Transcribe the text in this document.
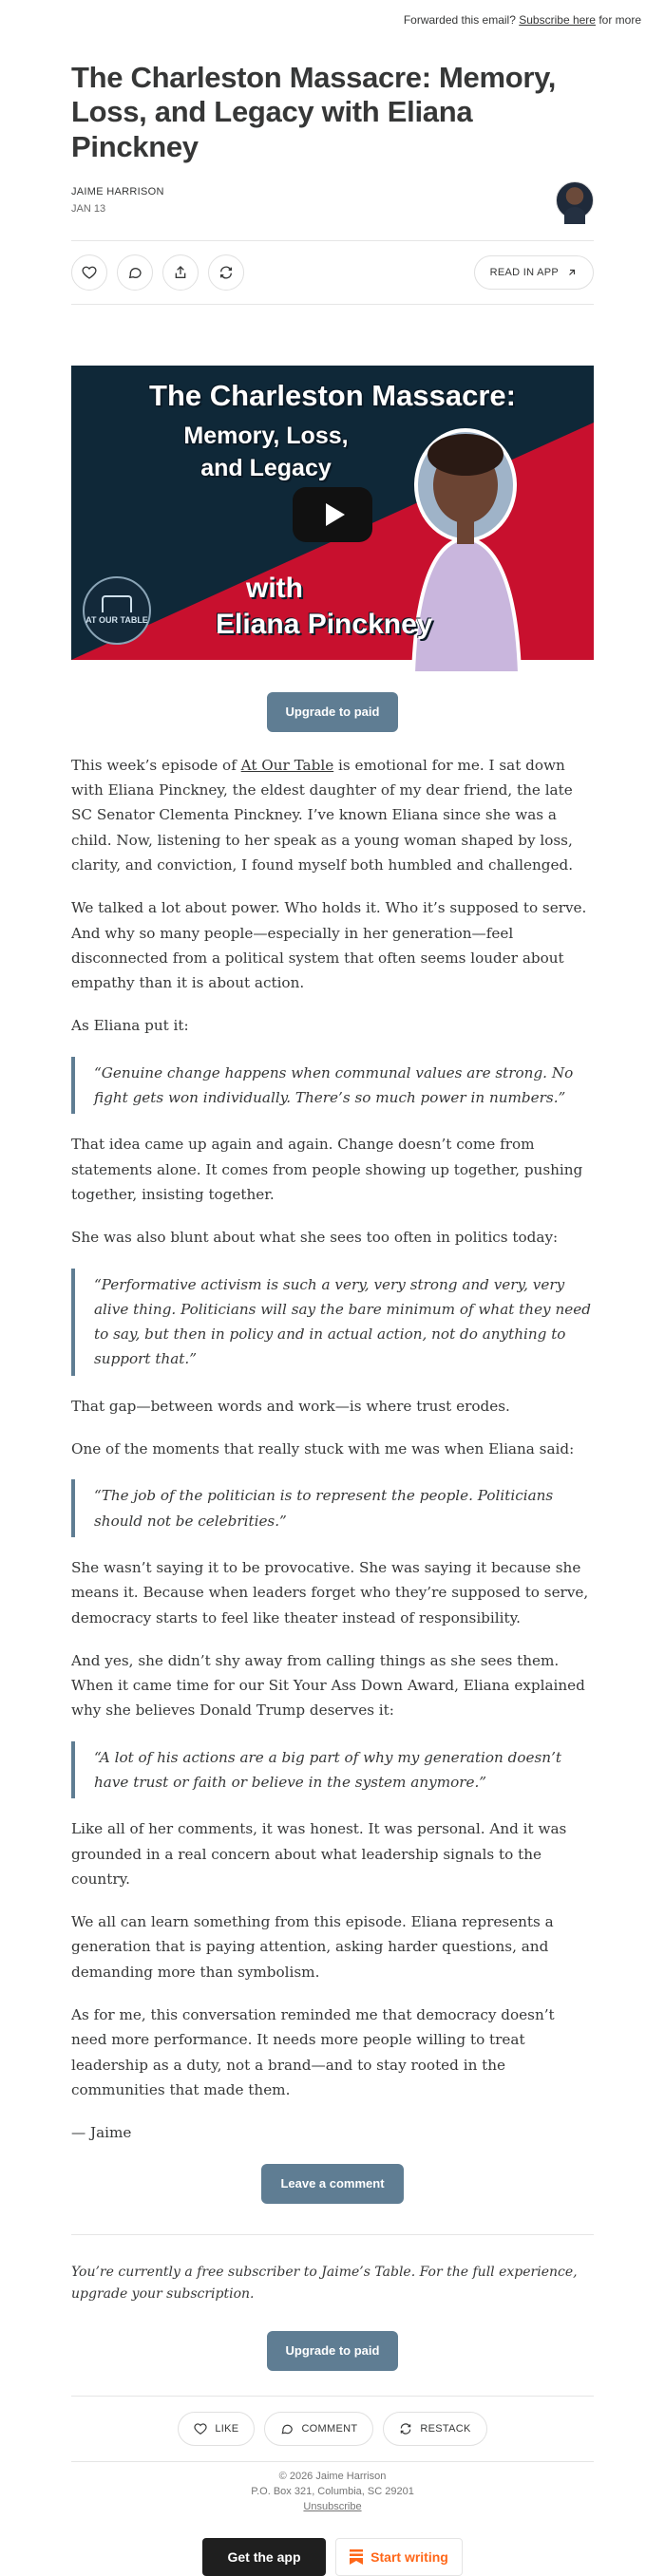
Forwarded this email? Subscribe here for more
The Charleston Massacre: Memory, Loss, and Legacy with Eliana Pinckney
JAIME HARRISON
JAN 13
READ IN APP
The Charleston Massacre:
Memory, Loss,
and Legacy
with
Eliana Pinckney
AT OUR TABLE
Upgrade to paid

This week’s episode of At Our Table is emotional for me. I sat down with Eliana Pinckney, the eldest daughter of my dear friend, the late SC Senator Clementa Pinckney. I’ve known Eliana since she was a child. Now, listening to her speak as a young woman shaped by loss, clarity, and conviction, I found myself both humbled and challenged.

We talked a lot about power. Who holds it. Who it’s supposed to serve. And why so many people—especially in her generation—feel disconnected from a political system that often seems louder about empathy than it is about action.

As Eliana put it:

“Genuine change happens when communal values are strong. No fight gets won individually. There’s so much power in numbers.”

That idea came up again and again. Change doesn’t come from statements alone. It comes from people showing up together, pushing together, insisting together.

She was also blunt about what she sees too often in politics today:

“Performative activism is such a very, very strong and very, very alive thing. Politicians will say the bare minimum of what they need to say, but then in policy and in actual action, not do anything to support that.”

That gap—between words and work—is where trust erodes.

One of the moments that really stuck with me was when Eliana said:

“The job of the politician is to represent the people. Politicians should not be celebrities.”

She wasn’t saying it to be provocative. She was saying it because she means it. Because when leaders forget who they’re supposed to serve, democracy starts to feel like theater instead of responsibility.

And yes, she didn’t shy away from calling things as she sees them. When it came time for our Sit Your Ass Down Award, Eliana explained why she believes Donald Trump deserves it:

“A lot of his actions are a big part of why my generation doesn’t have trust or faith or believe in the system anymore.”

Like all of her comments, it was honest. It was personal. And it was grounded in a real concern about what leadership signals to the country.

We all can learn something from this episode. Eliana represents a generation that is paying attention, asking harder questions, and demanding more than symbolism.

As for me, this conversation reminded me that democracy doesn’t need more performance. It needs more people willing to treat leadership as a duty, not a brand—and to stay rooted in the communities that made them.

— Jaime

Leave a comment

You’re currently a free subscriber to Jaime’s Table. For the full experience, upgrade your subscription.

Upgrade to paid
LIKE	COMMENT	RESTACK
© 2026 Jaime Harrison
P.O. Box 321, Columbia, SC 29201
Unsubscribe
Get the app	Start writing
